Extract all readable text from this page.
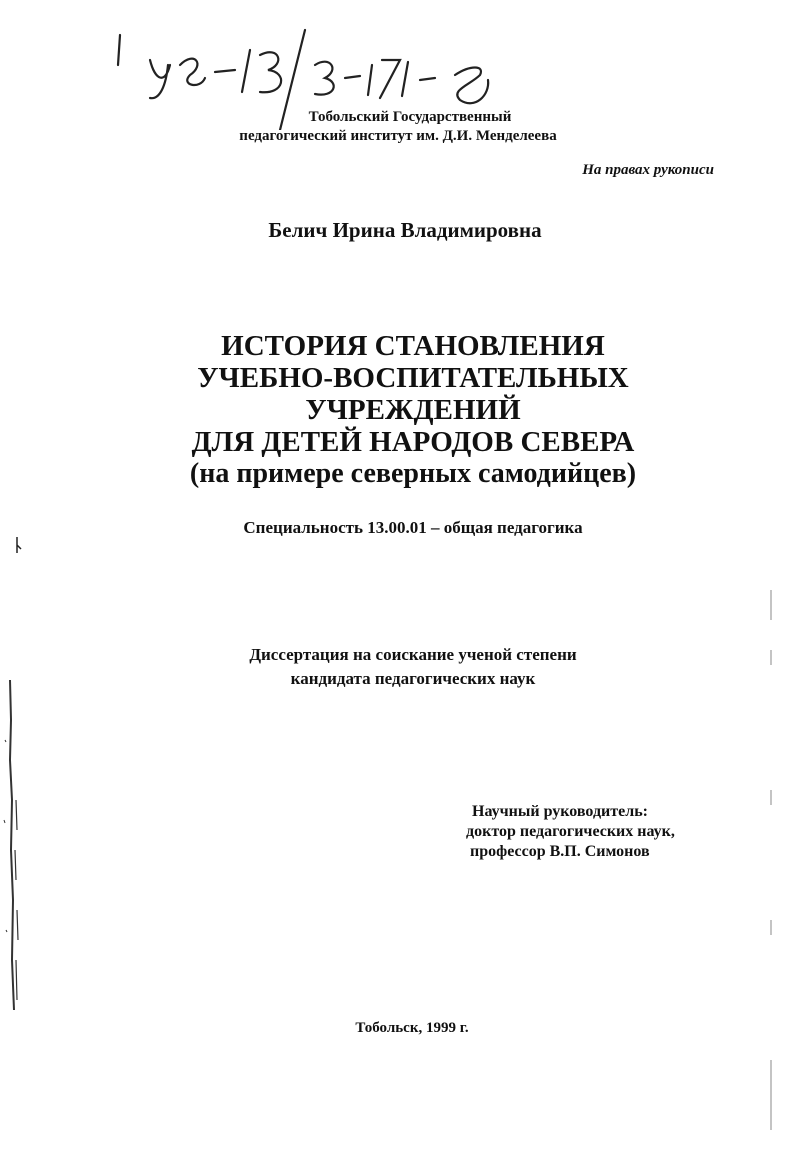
Тобольский Государственный
педагогический институт им. Д.И. Менделеева
На правах рукописи
Белич Ирина Владимировна
ИСТОРИЯ СТАНОВЛЕНИЯ
УЧЕБНО-ВОСПИТАТЕЛЬНЫХ
УЧРЕЖДЕНИЙ
ДЛЯ ДЕТЕЙ НАРОДОВ СЕВЕРА
(на примере северных самодийцев)
Специальность 13.00.01 – общая педагогика
Диссертация на соискание ученой степени
кандидата педагогических наук
Научный руководитель:
доктор педагогических наук,
профессор В.П. Симонов
Тобольск, 1999 г.
